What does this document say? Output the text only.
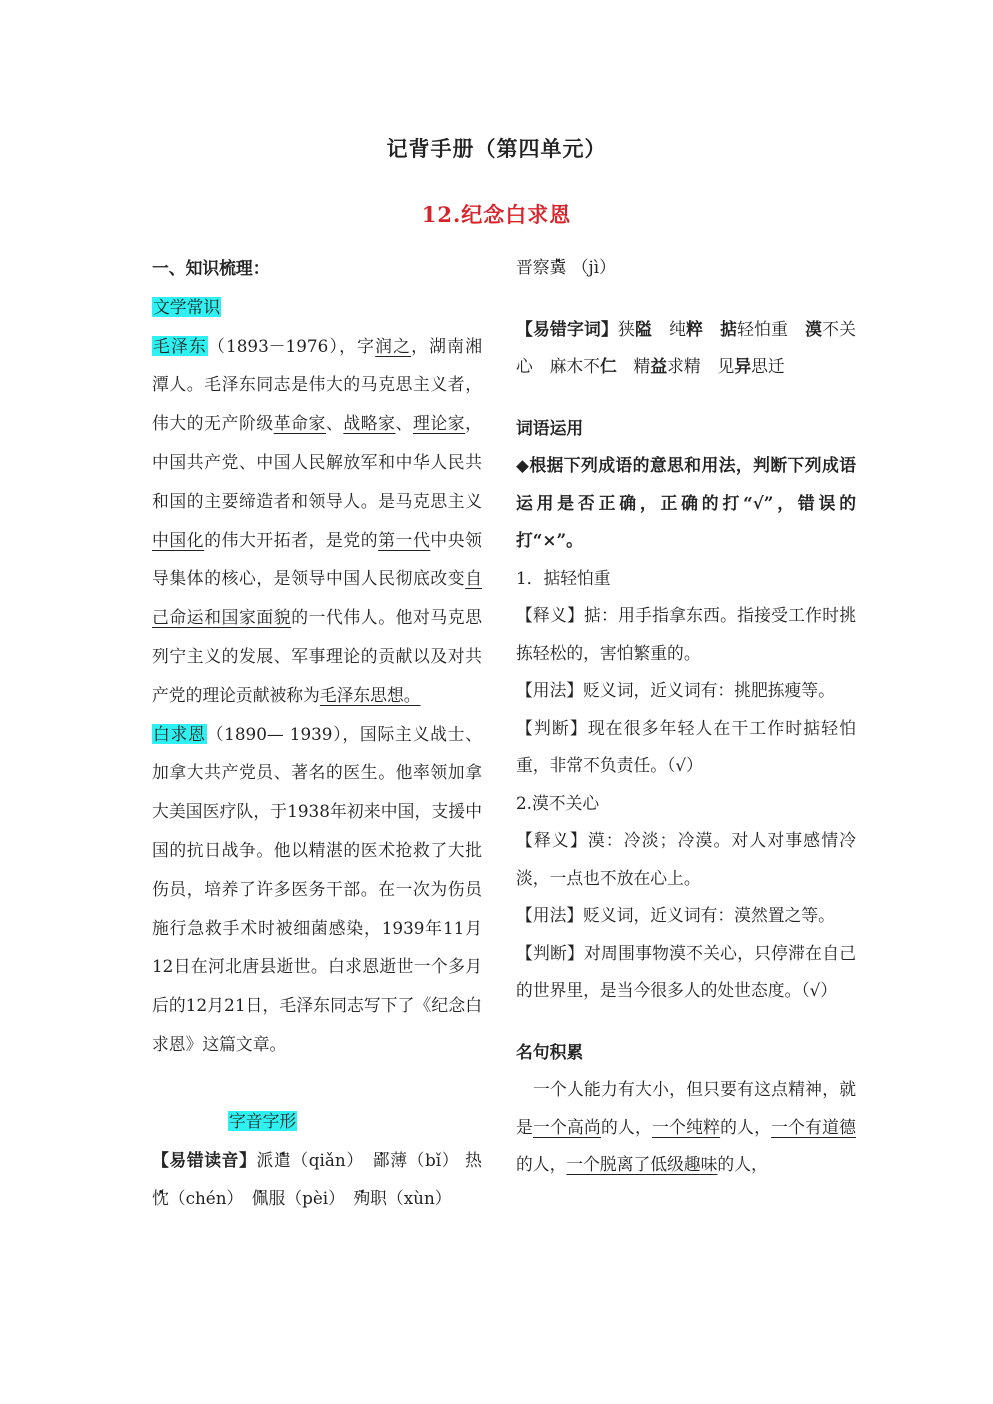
记背手册（第四单元）
12.纪念白求恩

一、知识梳理：

文学常识

毛泽东（1893－1976），字润之，湖南湘潭人。毛泽东同志是伟大的马克思主义者，伟大的无产阶级革命家、战略家、理论家，中国共产党、中国人民解放军和中华人民共和国的主要缔造者和领导人。是马克思主义中国化的伟大开拓者，是党的第一代中央领导集体的核心，是领导中国人民彻底改变自己命运和国家面貌的一代伟人。他对马克思列宁主义的发展、军事理论的贡献以及对共产党的理论贡献被称为毛泽东思想。

白求恩（1890— 1939），国际主义战士、加拿大共产党员、著名的医生。他率领加拿大美国医疗队，于1938年初来中国，支援中国的抗日战争。他以精湛的医术抢救了大批伤员，培养了许多医务干部。在一次为伤员施行急救手术时被细菌感染，1939年11月12日在河北唐县逝世。白求恩逝世一个多月后的12月21日，毛泽东同志写下了《纪念白求恩》这篇文章。

字音字形

【易错读音】派遣（qiǎn）　 鄙薄（bǐ） 热忱（chén）　 佩服（pèi）　 殉职（xùn）

晋察冀 （jì）

【易错字词】狭隘　 纯粹　 掂轻怕重　 漠不关心　 麻木不仁　 精益求精　 见异思迁

词语运用

◆根据下列成语的意思和用法，判断下列成语运用是否正确，正确的打“√”，错误的打“×”。

1．掂轻怕重

【释义】掂：用手指拿东西。指接受工作时挑拣轻松的，害怕繁重的。

【用法】贬义词，近义词有：挑肥拣瘦等。

【判断】现在很多年轻人在干工作时掂轻怕重，非常不负责任。（√）

2.漠不关心

【释义】漠：冷淡；冷漠。对人对事感情冷淡，一点也不放在心上。

【用法】贬义词，近义词有：漠然置之等。

【判断】对周围事物漠不关心，只停滞在自己的世界里，是当今很多人的处世态度。（√）

名句积累

一个人能力有大小，但只要有这点精神，就是一个高尚的人，一个纯粹的人，一个有道德的人，一个脱离了低级趣味的人，
